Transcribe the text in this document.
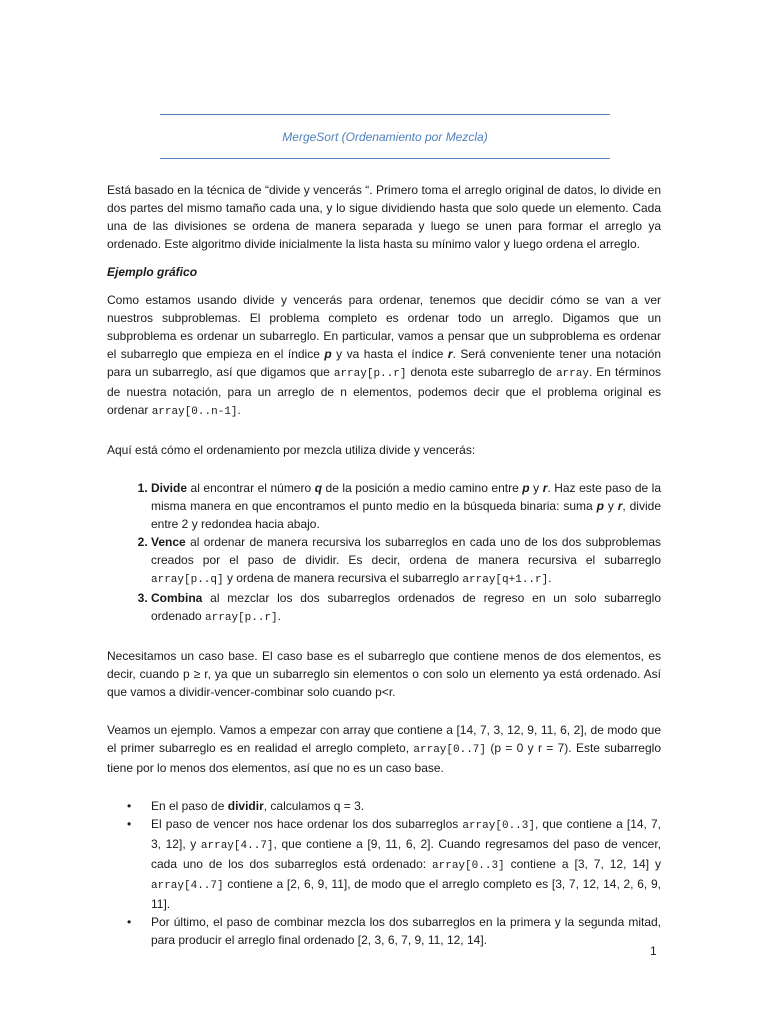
MergeSort (Ordenamiento por Mezcla)

Está basado en la técnica de “divide y vencerás “. Primero toma el arreglo original de datos, lo divide en dos partes del mismo tamaño cada una, y lo sigue dividiendo hasta que solo quede un elemento. Cada una de las divisiones se ordena de manera separada y luego se unen para formar el arreglo ya ordenado. Este algoritmo divide inicialmente la lista hasta su mínimo valor y luego ordena el arreglo.

Ejemplo gráfico

Como estamos usando divide y vencerás para ordenar, tenemos que decidir cómo se van a ver nuestros subproblemas. El problema completo es ordenar todo un arreglo. Digamos que un subproblema es ordenar un subarreglo. En particular, vamos a pensar que un subproblema es ordenar el subarreglo que empieza en el índice p y va hasta el índice r. Será conveniente tener una notación para un subarreglo, así que digamos que array[p..r] denota este subarreglo de array. En términos de nuestra notación, para un arreglo de n elementos, podemos decir que el problema original es ordenar array[0..n-1].

Aquí está cómo el ordenamiento por mezcla utiliza divide y vencerás:

1. Divide al encontrar el número q de la posición a medio camino entre p y r. Haz este paso de la misma manera en que encontramos el punto medio en la búsqueda binaria: suma p y r, divide entre 2 y redondea hacia abajo.
2. Vence al ordenar de manera recursiva los subarreglos en cada uno de los dos subproblemas creados por el paso de dividir. Es decir, ordena de manera recursiva el subarreglo array[p..q] y ordena de manera recursiva el subarreglo array[q+1..r].
3. Combina al mezclar los dos subarreglos ordenados de regreso en un solo subarreglo ordenado array[p..r].

Necesitamos un caso base. El caso base es el subarreglo que contiene menos de dos elementos, es decir, cuando p ≥ r, ya que un subarreglo sin elementos o con solo un elemento ya está ordenado. Así que vamos a dividir-vencer-combinar solo cuando p<r.

Veamos un ejemplo. Vamos a empezar con array que contiene a [14, 7, 3, 12, 9, 11, 6, 2], de modo que el primer subarreglo es en realidad el arreglo completo, array[0..7] (p = 0 y r = 7). Este subarreglo tiene por lo menos dos elementos, así que no es un caso base.

• En el paso de dividir, calculamos q = 3.
• El paso de vencer nos hace ordenar los dos subarreglos array[0..3], que contiene a [14, 7, 3, 12], y array[4..7], que contiene a [9, 11, 6, 2]. Cuando regresamos del paso de vencer, cada uno de los dos subarreglos está ordenado: array[0..3] contiene a [3, 7, 12, 14] y array[4..7] contiene a [2, 6, 9, 11], de modo que el arreglo completo es [3, 7, 12, 14, 2, 6, 9, 11].
• Por último, el paso de combinar mezcla los dos subarreglos en la primera y la segunda mitad, para producir el arreglo final ordenado [2, 3, 6, 7, 9, 11, 12, 14].
1
